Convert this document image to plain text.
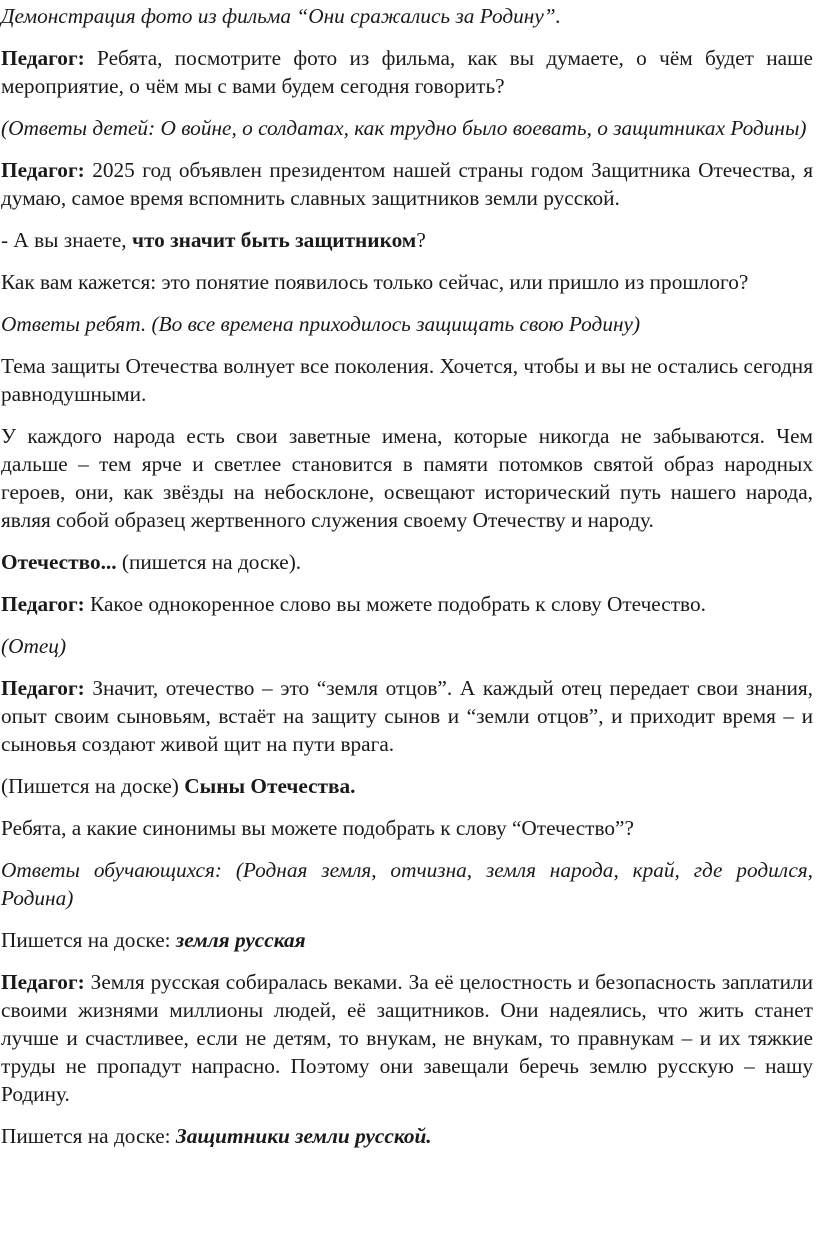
Демонстрация фото из фильма “Они сражались за Родину”.

Педагог: Ребята, посмотрите фото из фильма, как вы думаете, о чём будет наше мероприятие, о чём мы с вами будем сегодня говорить?

(Ответы детей: О войне, о солдатах, как трудно было воевать, о защитниках Родины)

Педагог: 2025 год объявлен президентом нашей страны годом Защитника Отечества, я думаю, самое время вспомнить славных защитников земли русской.

- А вы знаете, что значит быть защитником?

Как вам кажется: это понятие появилось только сейчас, или пришло из прошлого?

Ответы ребят. (Во все времена приходилось защищать свою Родину)

Тема защиты Отечества волнует все поколения. Хочется, чтобы и вы не остались сегодня равнодушными.

У каждого народа есть свои заветные имена, которые никогда не забываются. Чем дальше – тем ярче и светлее становится в памяти потомков святой образ народных героев, они, как звёзды на небосклоне, освещают исторический путь нашего народа, являя собой образец жертвенного служения своему Отечеству и народу.

Отечество... (пишется на доске).

Педагог: Какое однокоренное слово вы можете подобрать к слову Отечество.

(Отец)

Педагог: Значит, отечество – это “земля отцов”. А каждый отец передает свои знания, опыт своим сыновьям, встаёт на защиту сынов и “земли отцов”, и приходит время – и сыновья создают живой щит на пути врага.

(Пишется на доске) Сыны Отечества.

Ребята, а какие синонимы вы можете подобрать к слову “Отечество”?

Ответы обучающихся: (Родная земля, отчизна, земля народа, край, где родился, Родина)

Пишется на доске: земля русская

Педагог: Земля русская собиралась веками. За её целостность и безопасность заплатили своими жизнями миллионы людей, её защитников. Они надеялись, что жить станет лучше и счастливее, если не детям, то внукам, не внукам, то правнукам – и их тяжкие труды не пропадут напрасно. Поэтому они завещали беречь землю русскую – нашу Родину.

Пишется на доске: Защитники земли русской.
